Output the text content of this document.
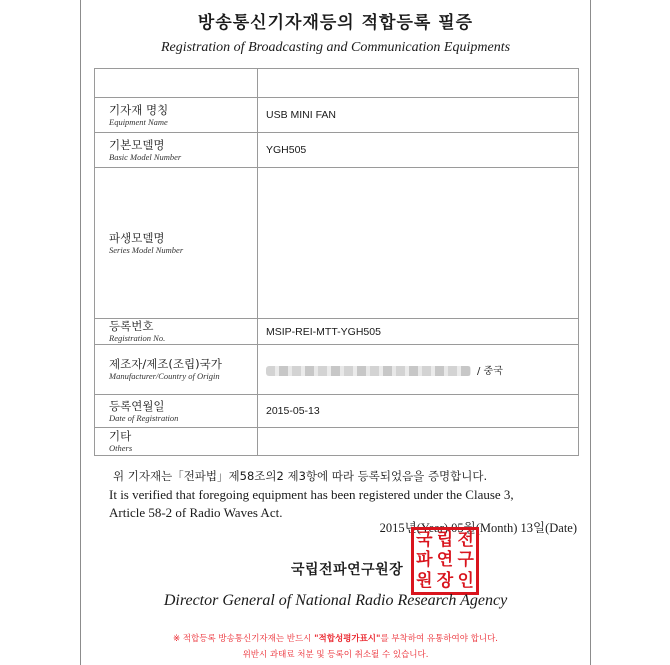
방송통신기자재등의 적합등록 필증
Registration of Broadcasting and Communication Equipments

기자재 명칭
Equipment Name	USB MINI FAN

기본모델명
Basic Model Number	YGH505

파생모델명
Series Model Number	

등록번호
Registration No.	MSIP-REI-MTT-YGH505

제조자/제조(조립)국가
Manufacturer/Country of Origin	/ 중국

등록연월일
Date of Registration	2015-05-13

기타
Others	

위 기자재는「전파법」제58조의2 제3항에 따라 등록되었음을 증명합니다.
It is verified that foregoing equipment has been registered under the Clause 3,
Article 58-2 of Radio Waves Act.
2015년(Year) 05월(Month) 13일(Date)
국립전파연구원장
국 립 전
파 연 구
원 장 인
Director General of National Radio Research Agency
※ 적합등록 방송통신기자재는 반드시 "적합성평가표시"를 부착하여 유통하여야 합니다.
위반시 과태료 처분 및 등록이 취소될 수 있습니다.
